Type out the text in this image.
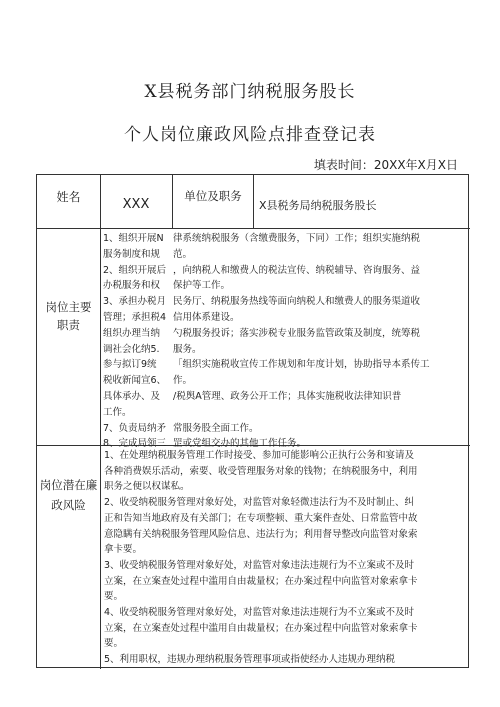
X县税务部门纳税服务股长
个人岗位廉政风险点排查登记表
填表时间：20XX年X月X日
姓名	XXX
单位及职务
X县税务局纳税服务股长
岗位主要职责
1、组织开展N
服务制度和规
2、组织开展后
办税服务和权
3、承担办税月
管理；承担税4
组织办理当纳
调社会化纳5.
参与拟订9统
税收新闻宣6、
具体承办、及
工作。
7、负责局纳矛
8、完成局领三
律系统纳税服务（含缴费服务，下同）工作；组织实施纳税
范。
，向纳税人和缴费人的税法宣传、纳税辅导、咨询服务、益
保护等工作。
民务厅、纳税服务热线等面向纳税人和缴费人的服务渠道收
信用体系建设。
勺税服务投诉；落实涉税专业服务监管政策及制度，统筹税
服务。
「组织实施税收宣传工作规划和年度计划，协助指导本系传工
作。
/税舆A管理、政务公开工作；具体实施税收法律知识普

常服务股全面工作。
罡或党组交办的其他工作任务。
岗位潜在廉
政风险
1、在处理纳税服务管理工作时接受、参加可能影响公正执行公务和宴请及
各种消费娱乐活动，索要、收受管理服务对象的钱物；在纳税服务中，利用
职务之便以权谋私。
2、收受纳税服务管理对象好处，对监管对象轻微违法行为不及时制止、纠
正和告知当地政府及有关部门；在专项整顿、重大案件查处、日常监管中故
意隐瞒有关纳税服务管理风险信息、违法行为；利用督导整改向监管对象索
拿卡要。
3、收受纳税服务管理对象好处，对监管对象违法违规行为不立案或不及时
立案，在立案查处过程中滥用自由裁量权；在办案过程中向监管对象索拿卡
要。
4、收受纳税服务管理对象好处，对监管对象违法违规行为不立案或不及时
立案，在立案查处过程中滥用自由裁量权；在办案过程中向监管对象索拿卡
要。
5、利用职权，违规办理纳税服务管理事项或指使经办人违规办理纳税
